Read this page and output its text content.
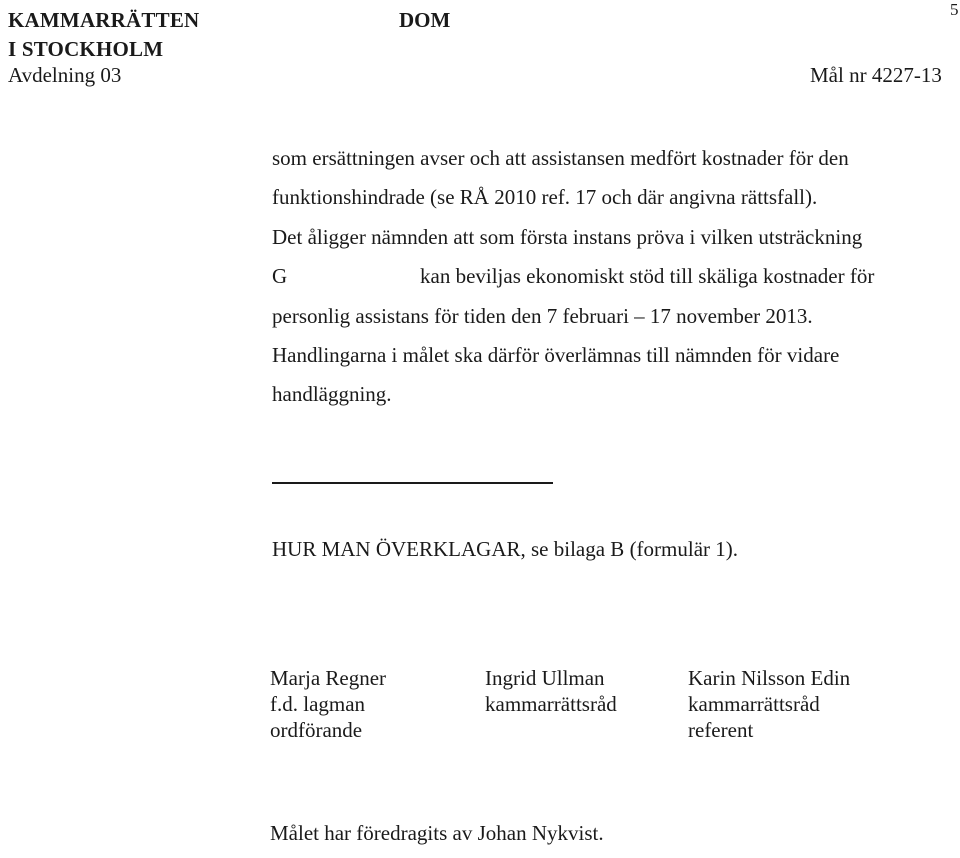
KAMMARRÄTTEN
I STOCKHOLM
Avdelning 03
DOM	5
Mål nr 4227-13
som ersättningen avser och att assistansen medfört kostnader för den
funktionshindrade (se RÅ 2010 ref. 17 och där angivna rättsfall).
Det åligger nämnden att som första instans pröva i vilken utsträckning
G	kan beviljas ekonomiskt stöd till skäliga kostnader för
personlig assistans för tiden den 7 februari – 17 november 2013.
Handlingarna i målet ska därför överlämnas till nämnden för vidare
handläggning.
HUR MAN ÖVERKLAGAR, se bilaga B (formulär 1).
Marja Regner
f.d. lagman
ordförande
Ingrid Ullman
kammarrättsråd
Karin Nilsson Edin
kammarrättsråd
referent
Målet har föredragits av Johan Nykvist.
